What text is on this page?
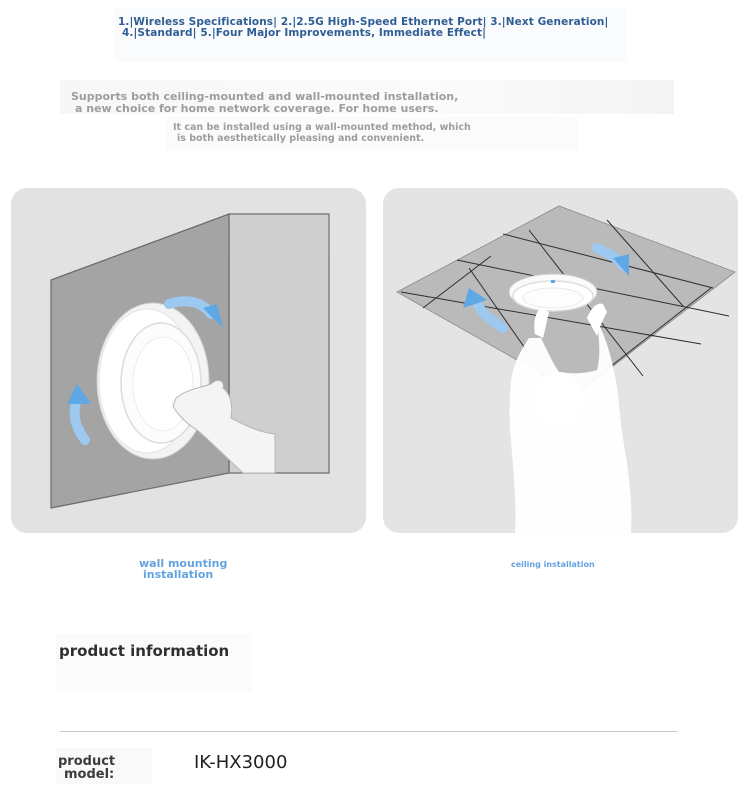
1.|Wireless Specifications| 2.|2.5G High-Speed Ethernet Port| 3.|Next Generation|
4.|Standard| 5.|Four Major Improvements, Immediate Effect|
Supports both ceiling-mounted and wall-mounted installation,
a new choice for home network coverage. For home users.
It can be installed using a wall-mounted method, which
is both aesthetically pleasing and convenient.
wall mounting
installation
ceiling installation
product information
product
model:
IK-HX3000
